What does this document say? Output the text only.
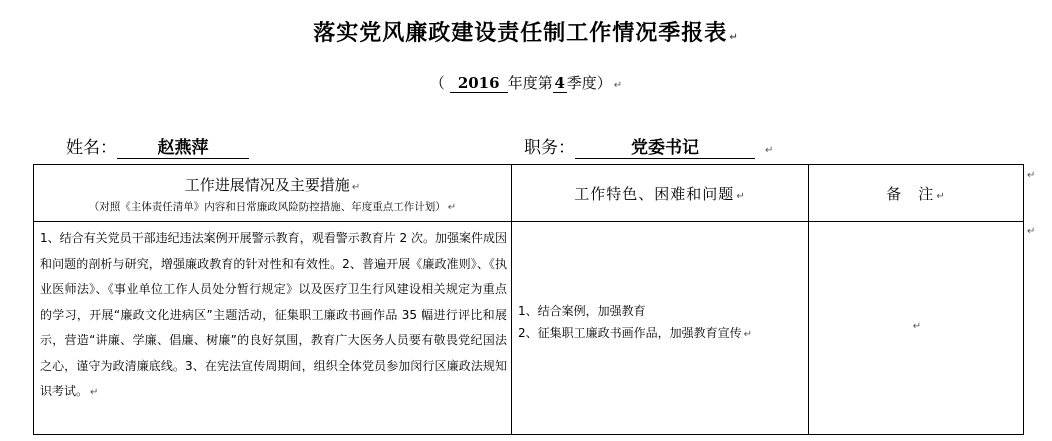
落实党风廉政建设责任制工作情况季报表 ↵
（ 2016 年度第 4 季度） ↵
姓名： 赵燕萍	职务：	党委书记	↵
工作进展情况及主要措施 ↵
（对照《主体责任清单》内容和日常廉政风险防控措施、年度重点工作计划） ↵	工作特色、困难和问题 ↵	备　注 ↵

1、结合有关党员干部违纪违法案例开展警示教育，观看警示教育片 2 次。加强案件成因和问题的剖析与研究，增强廉政教育的针对性和有效性。2、普遍开展《廉政准则》、《执业医师法》、《事业单位工作人员处分暂行规定》以及医疗卫生行风建设相关规定为重点的学习，开展“廉政文化进病区”主题活动，征集职工廉政书画作品 35 幅进行评比和展示，营造“讲廉、学廉、倡廉、树廉”的良好氛围，教育广大医务人员要有敬畏党纪国法之心，谨守为政清廉底线。3、在宪法宣传周期间，组织全体党员参加闵行区廉政法规知识考试。 ↵	1、结合案例，加强教育
2、征集职工廉政书画作品，加强教育宣传 ↵	↵
↵
↵
